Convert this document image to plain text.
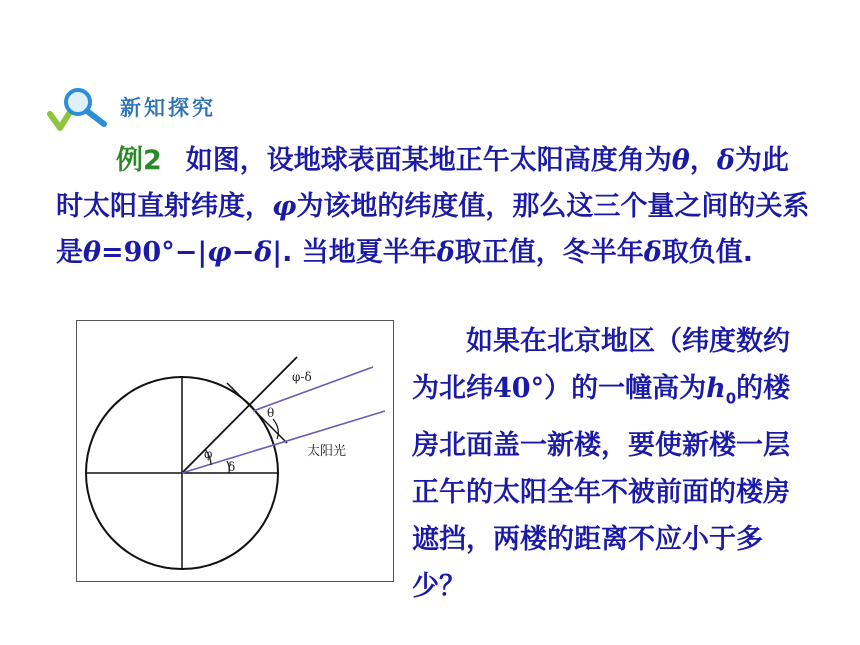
新知探究
例2 如图，设地球表面某地正午太阳高度角为θ，δ为此时太阳直射纬度，φ为该地的纬度值，那么这三个量之间的关系是θ=90°−|φ−δ|. 当地夏半年δ取正值，冬半年δ取负值.
φ-δ
θ
φ
δ
太阳光
如果在北京地区（纬度数约为北纬40°）的一幢高为$h_0$的楼房北面盖一新楼，要使新楼一层正午的太阳全年不被前面的楼房遮挡，两楼的距离不应小于多少？
